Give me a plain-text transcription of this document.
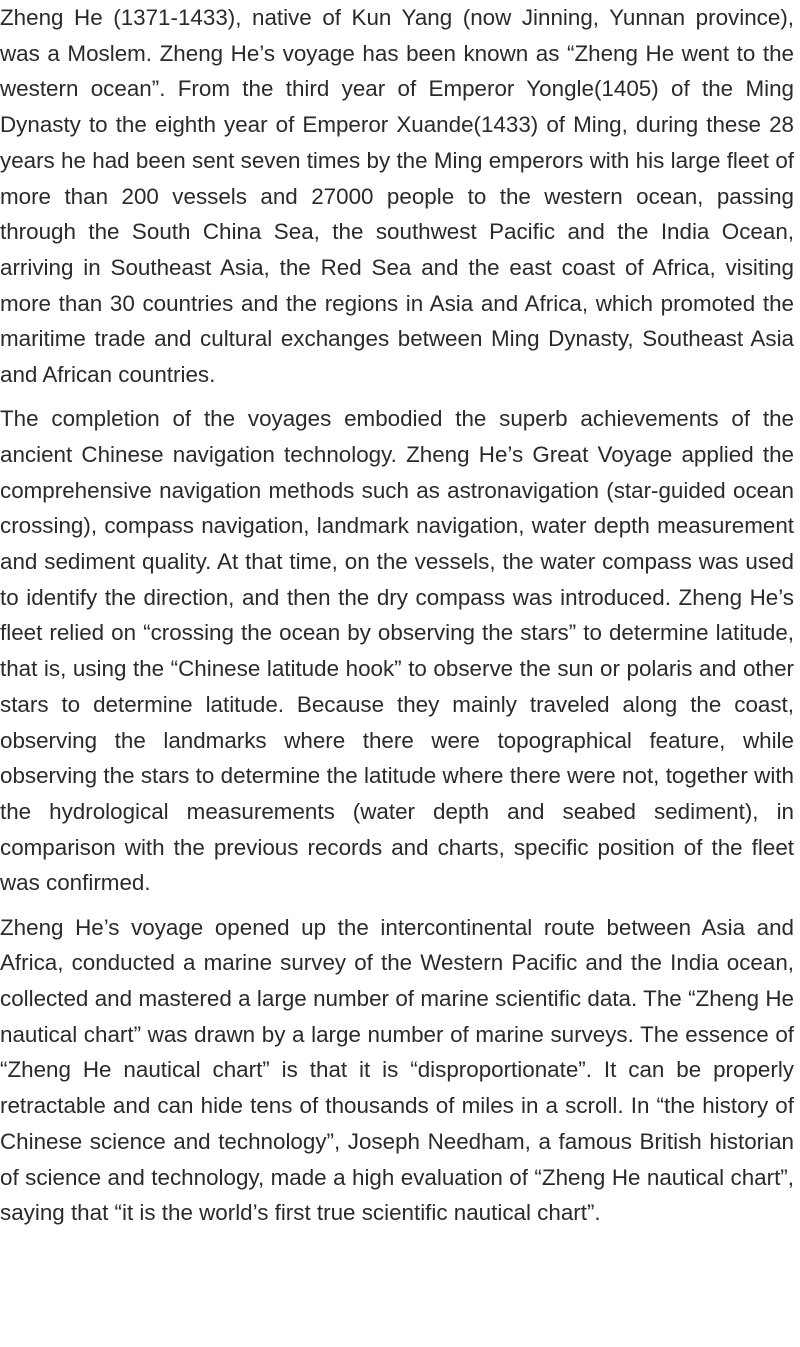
Zheng He (1371-1433), native of Kun Yang (now Jinning, Yunnan province), was a Moslem. Zheng He’s voyage has been known as “Zheng He went to the western ocean”. From the third year of Emperor Yongle(1405) of the Ming Dynasty to the eighth year of Emperor Xuande(1433) of Ming, during these 28 years he had been sent seven times by the Ming emperors with his large fleet of more than 200 vessels and 27000 people to the western ocean, passing through the South China Sea, the southwest Pacific and the India Ocean, arriving in Southeast Asia, the Red Sea and the east coast of Africa, visiting more than 30 countries and the regions in Asia and Africa, which promoted the maritime trade and cultural exchanges between Ming Dynasty, Southeast Asia and African countries.

The completion of the voyages embodied the superb achievements of the ancient Chinese navigation technology. Zheng He’s Great Voyage applied the comprehensive navigation methods such as astronavigation (star-guided ocean crossing), compass navigation, landmark navigation, water depth measurement and sediment quality. At that time, on the vessels, the water compass was used to identify the direction, and then the dry compass was introduced. Zheng He’s fleet relied on “crossing the ocean by observing the stars” to determine latitude, that is, using the “Chinese latitude hook” to observe the sun or polaris and other stars to determine latitude. Because they mainly traveled along the coast, observing the landmarks where there were topographical feature, while observing the stars to determine the latitude where there were not, together with the hydrological measurements (water depth and seabed sediment), in comparison with the previous records and charts, specific position of the fleet was confirmed.

Zheng He’s voyage opened up the intercontinental route between Asia and Africa, conducted a marine survey of the Western Pacific and the India ocean, collected and mastered a large number of marine scientific data. The “Zheng He nautical chart” was drawn by a large number of marine surveys. The essence of “Zheng He nautical chart” is that it is “disproportionate”. It can be properly retractable and can hide tens of thousands of miles in a scroll. In “the history of Chinese science and technology”, Joseph Needham, a famous British historian of science and technology, made a high evaluation of “Zheng He nautical chart”, saying that “it is the world’s first true scientific nautical chart”.
